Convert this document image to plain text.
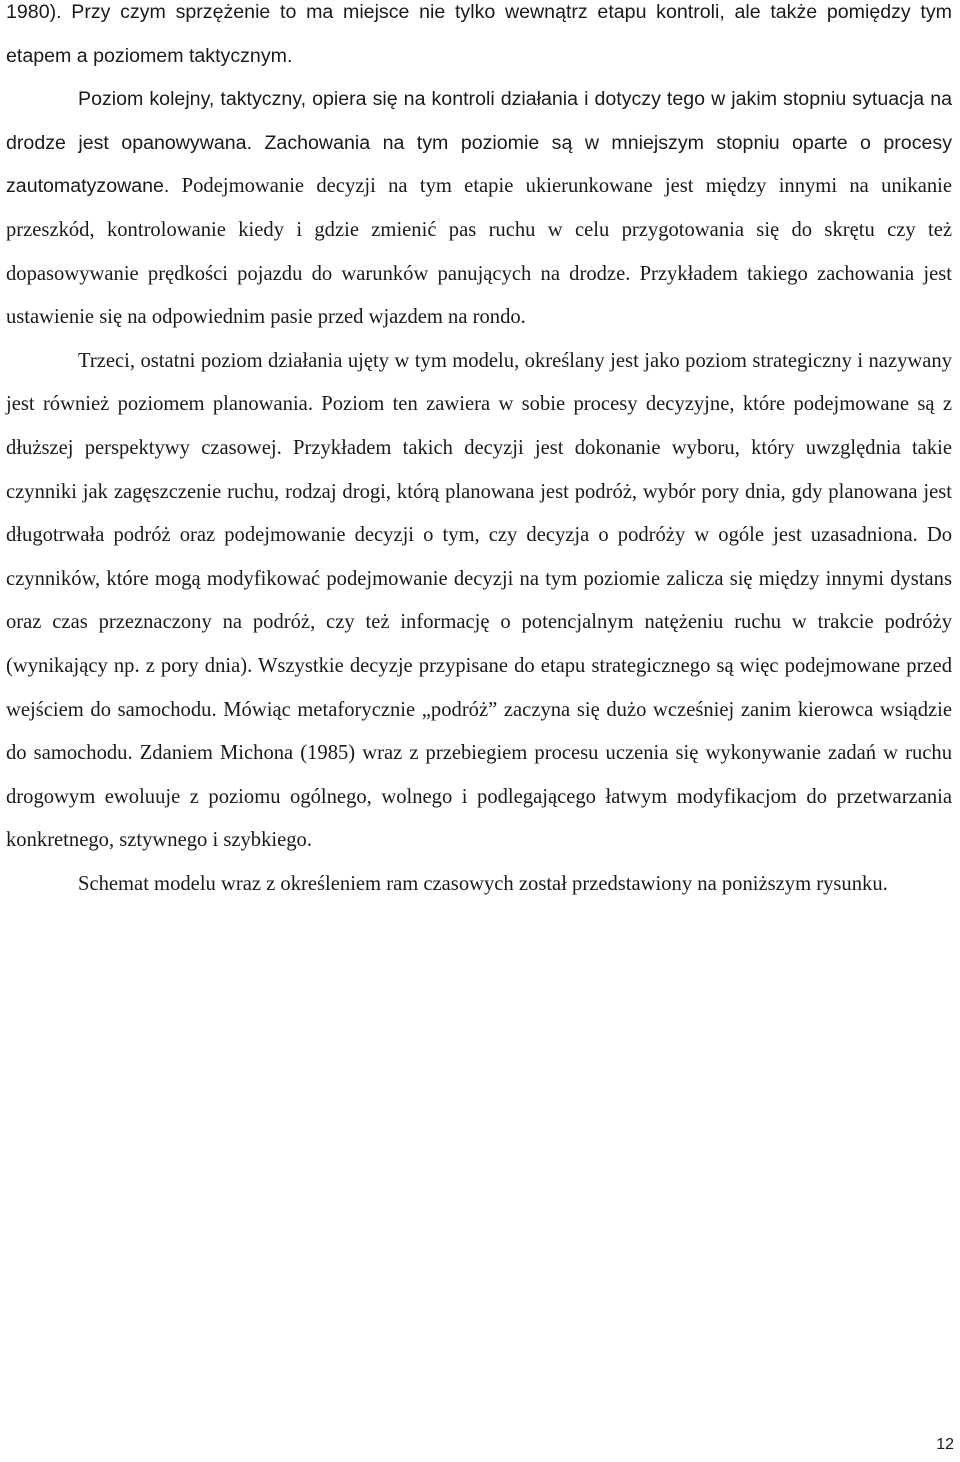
1980). Przy czym sprzężenie to ma miejsce nie tylko wewnątrz etapu kontroli, ale także pomiędzy tym etapem a poziomem taktycznym.

Poziom kolejny, taktyczny, opiera się na kontroli działania i dotyczy tego w jakim stopniu sytuacja na drodze jest opanowywana. Zachowania na tym poziomie są w mniejszym stopniu oparte o procesy zautomatyzowane. Podejmowanie decyzji na tym etapie ukierunkowane jest między innymi na unikanie przeszkód, kontrolowanie kiedy i gdzie zmienić pas ruchu w celu przygotowania się do skrętu czy też dopasowywanie prędkości pojazdu do warunków panujących na drodze. Przykładem takiego zachowania jest ustawienie się na odpowiednim pasie przed wjazdem na rondo.

Trzeci, ostatni poziom działania ujęty w tym modelu, określany jest jako poziom strategiczny i nazywany jest również poziomem planowania. Poziom ten zawiera w sobie procesy decyzyjne, które podejmowane są z dłuższej perspektywy czasowej. Przykładem takich decyzji jest dokonanie wyboru, który uwzględnia takie czynniki jak zagęszczenie ruchu, rodzaj drogi, którą planowana jest podróż, wybór pory dnia, gdy planowana jest długotrwała podróż oraz podejmowanie decyzji o tym, czy decyzja o podróży w ogóle jest uzasadniona. Do czynników, które mogą modyfikować podejmowanie decyzji na tym poziomie zalicza się między innymi dystans oraz czas przeznaczony na podróż, czy też informację o potencjalnym natężeniu ruchu w trakcie podróży (wynikający np. z pory dnia). Wszystkie decyzje przypisane do etapu strategicznego są więc podejmowane przed wejściem do samochodu. Mówiąc metaforycznie „podróż” zaczyna się dużo wcześniej zanim kierowca wsiądzie do samochodu. Zdaniem Michona (1985) wraz z przebiegiem procesu uczenia się wykonywanie zadań w ruchu drogowym ewoluuje z poziomu ogólnego, wolnego i podlegającego łatwym modyfikacjom do przetwarzania konkretnego, sztywnego i szybkiego.

Schemat modelu wraz z określeniem ram czasowych został przedstawiony na poniższym rysunku.

12
